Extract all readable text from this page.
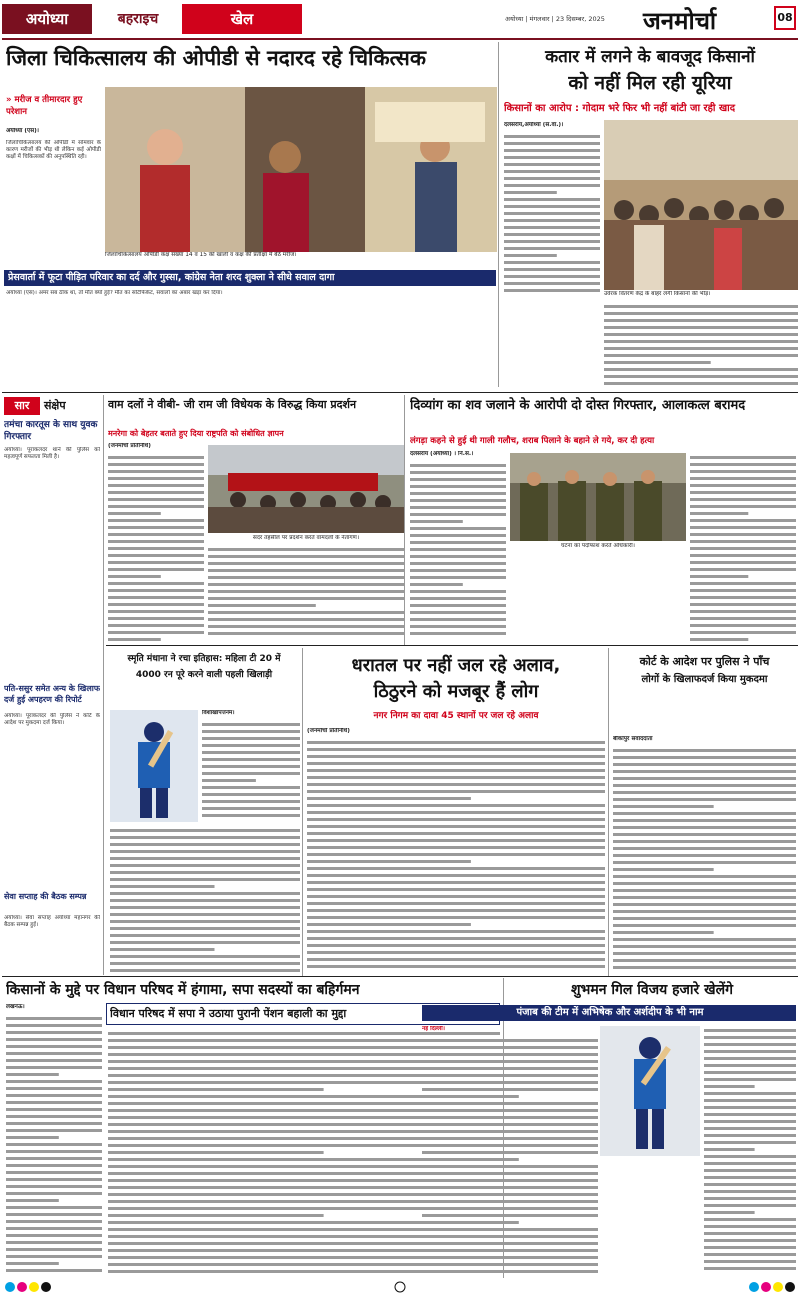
अयोध्या	बहराइच	खेल	अयोध्या | मंगलवार | 23 दिसम्बर, 2025	जनमोर्चा	08
जिला चिकित्सालय की ओपीडी से नदारद रहे चिकित्सक
» मरीज व तीमारदार हुए परेशान
अयोध्या (एसं)।
जिलाचिकित्सालय की ओपीडी में सोमवार के कारण मरीजों की भीड़ थी लेकिन कई ओपीडी कक्षों में चिकित्सकों की अनुपस्थिति रही।
जिलाचिकित्सालय ओपीडी कक्ष संख्या 14 व 15 की खाली व कक्ष की प्रतीक्षा में बैठे मरीज।
कतार में लगने के बावजूद किसानों
को नहीं मिल रही यूरिया
किसानों का आरोप : गोदाम भरे फिर भी नहीं बांटी जा रही खाद
दलसराय,अयोध्या (सं.वा.)।
उर्वरक वितरण केंद्र के बाहर लगी किसानों की भीड़।
प्रेसवार्ता में फूटा पीड़ित परिवार का दर्द और गुस्सा, कांग्रेस नेता शरद शुक्ला ने सीधे सवाल दागा
अयोध्या (एसं)। अमर सब ठीक था, तो मौत क्यों हुई? मौत का सर्टिफिकेट, सवालों का अंबार खड़ा कर दिया।
सार	संक्षेप
तमंचा कारतूस के साथ युवक गिरफ्तार
अयोध्या। पूराकलंदर थाने की पुलिस को महत्वपूर्ण सफलता मिली है।
पति-ससुर समेत अन्य के खिलाफ दर्ज हुई अपहरण की रिपोर्ट
अयोध्या। पूराकलंदर की पुलिस ने कोर्ट के आदेश पर मुकदमा दर्ज किया।
सेवा सप्ताह की बैठक सम्पन्न
अयोध्या। सेवा सप्ताह अयोध्या महानगर की बैठक सम्पन्न हुई।
वाम दलों ने वीबी- जी राम जी विधेयक के विरुद्ध किया प्रदर्शन
मनरेगा को बेहतर बताते हुए दिया राष्ट्रपति को संबोधित ज्ञापन
(जनमोर्चा प्रतिनिधि)
सदर तहसील पर प्रदर्शन करते वामदलों के नेतागण।
दिव्यांग का शव जलाने के आरोपी दो दोस्त गिरफ्तार, आलाकत्ल बरामद
लंगड़ा कहने से हुई थी गाली गलौच, शराब पिलाने के बहाने ले गये, कर दी हत्या
दलसराय (अयोध्या) । नि.सं.।
घटना का पर्दाफाश करते अधिकारी।
स्मृति मंधाना ने रचा इतिहास: महिला टी 20 में
4000 रन पूरे करने वाली पहली खिलाड़ी
विशाखापत्तनम।
धरातल पर नहीं जल रहे अलाव,
ठिठुरने को मजबूर हैं लोग
नगर निगम का दावा 45 स्थानों पर जल रहे अलाव
(जनमोर्चा प्रतिनिधि)
कोर्ट के आदेश पर पुलिस ने पाँच
लोगों के खिलाफदर्ज किया मुकदमा
बीकापुर संवाददाता
किसानों के मुद्दे पर विधान परिषद में हंगामा, सपा सदस्यों का बहिर्गमन
लखनऊ।	विधान परिषद में सपा ने उठाया पुरानी पेंशन बहाली का मुद्दा
शुभमन गिल विजय हजारे खेलेंगे
पंजाब की टीम में अभिषेक और अर्शदीप के भी नाम
नई दिल्ली।
